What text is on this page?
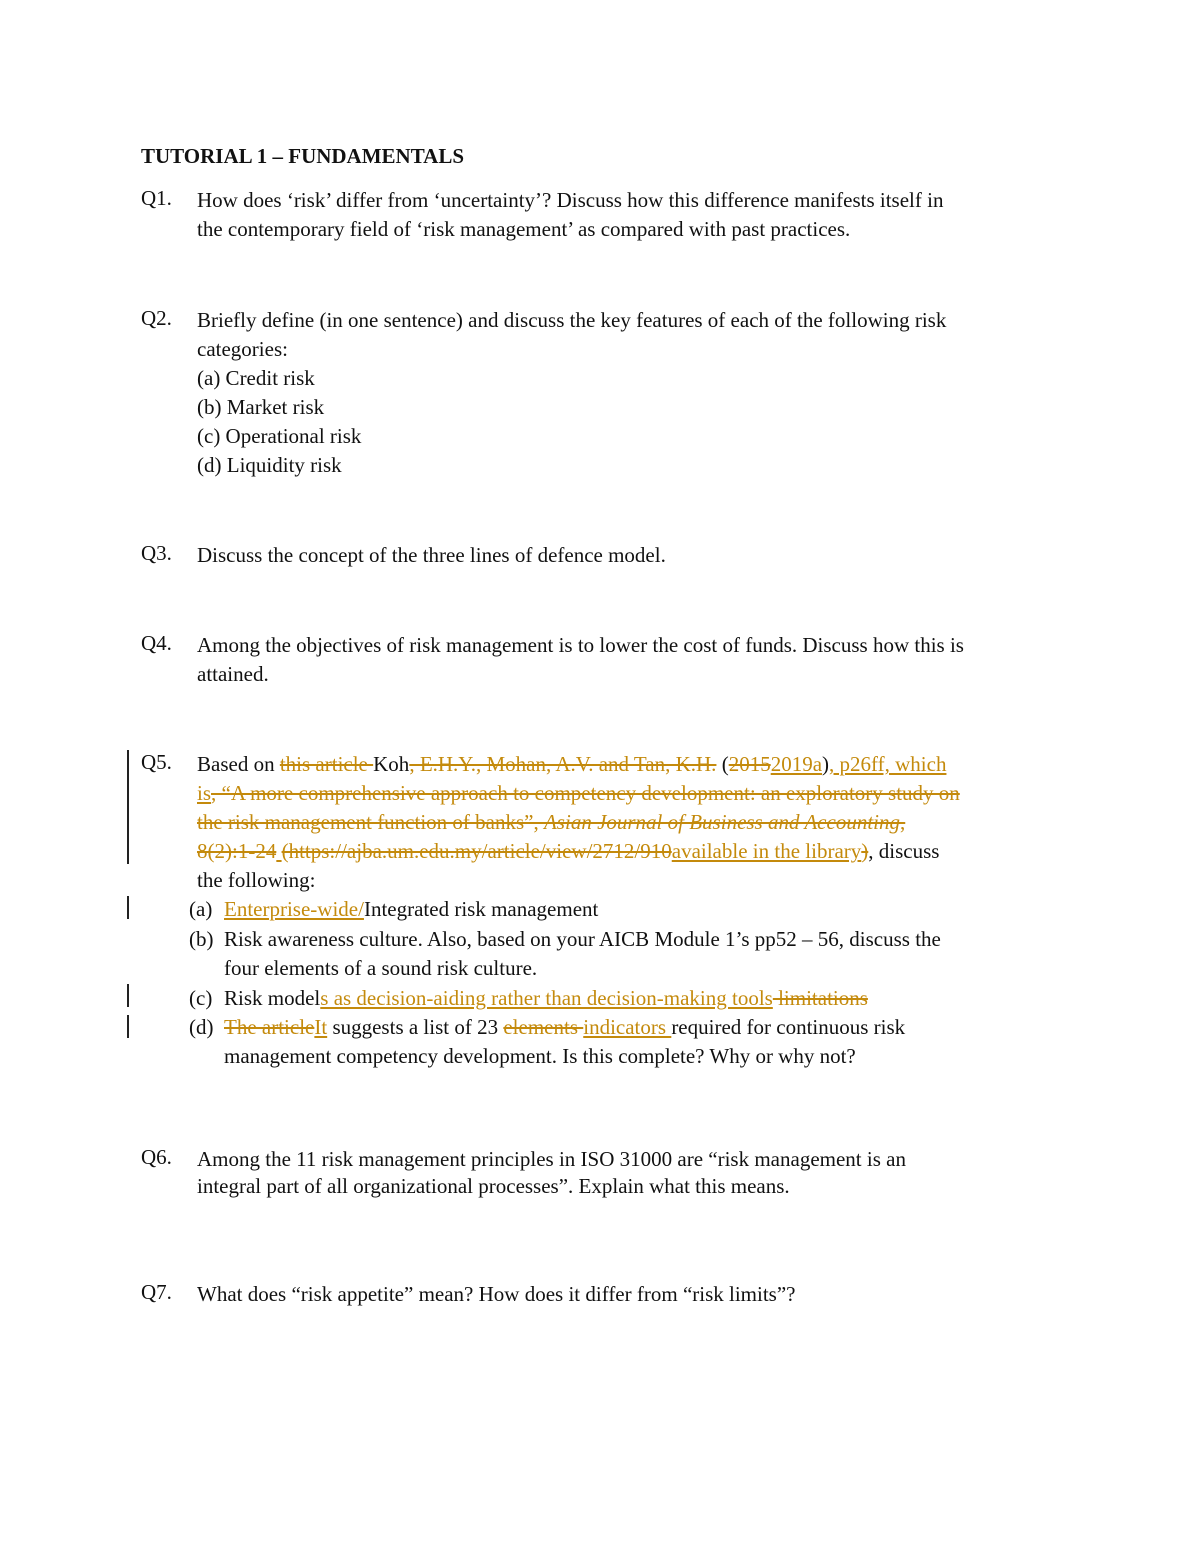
TUTORIAL 1 – FUNDAMENTALS
Q1. How does ‘risk’ differ from ‘uncertainty’? Discuss how this difference manifests itself in
the contemporary field of ‘risk management’ as compared with past practices.
Q2. Briefly define (in one sentence) and discuss the key features of each of the following risk
categories:
(a) Credit risk
(b) Market risk
(c) Operational risk
(d) Liquidity risk
Q3. Discuss the concept of the three lines of defence model.
Q4. Among the objectives of risk management is to lower the cost of funds. Discuss how this is
attained.
Q5. Based on this article Koh, E.H.Y., Mohan, A.V. and Tan, K.H. (20152019a), p26ff, which
is, “A more comprehensive approach to competency development: an exploratory study on
the risk management function of banks”, Asian Journal of Business and Accounting,
8(2):1-24 (https://ajba.um.edu.my/article/view/2712/910available in the library), discuss
the following:
(a) Enterprise-wide/Integrated risk management
(b) Risk awareness culture. Also, based on your AICB Module 1’s pp52 – 56, discuss the
four elements of a sound risk culture.
(c) Risk models as decision-aiding rather than decision-making tools limitations
(d) The articleIt suggests a list of 23 elements indicators required for continuous risk
management competency development. Is this complete? Why or why not?
Q6. Among the 11 risk management principles in ISO 31000 are “risk management is an
integral part of all organizational processes”. Explain what this means.
Q7. What does “risk appetite” mean? How does it differ from “risk limits”?
